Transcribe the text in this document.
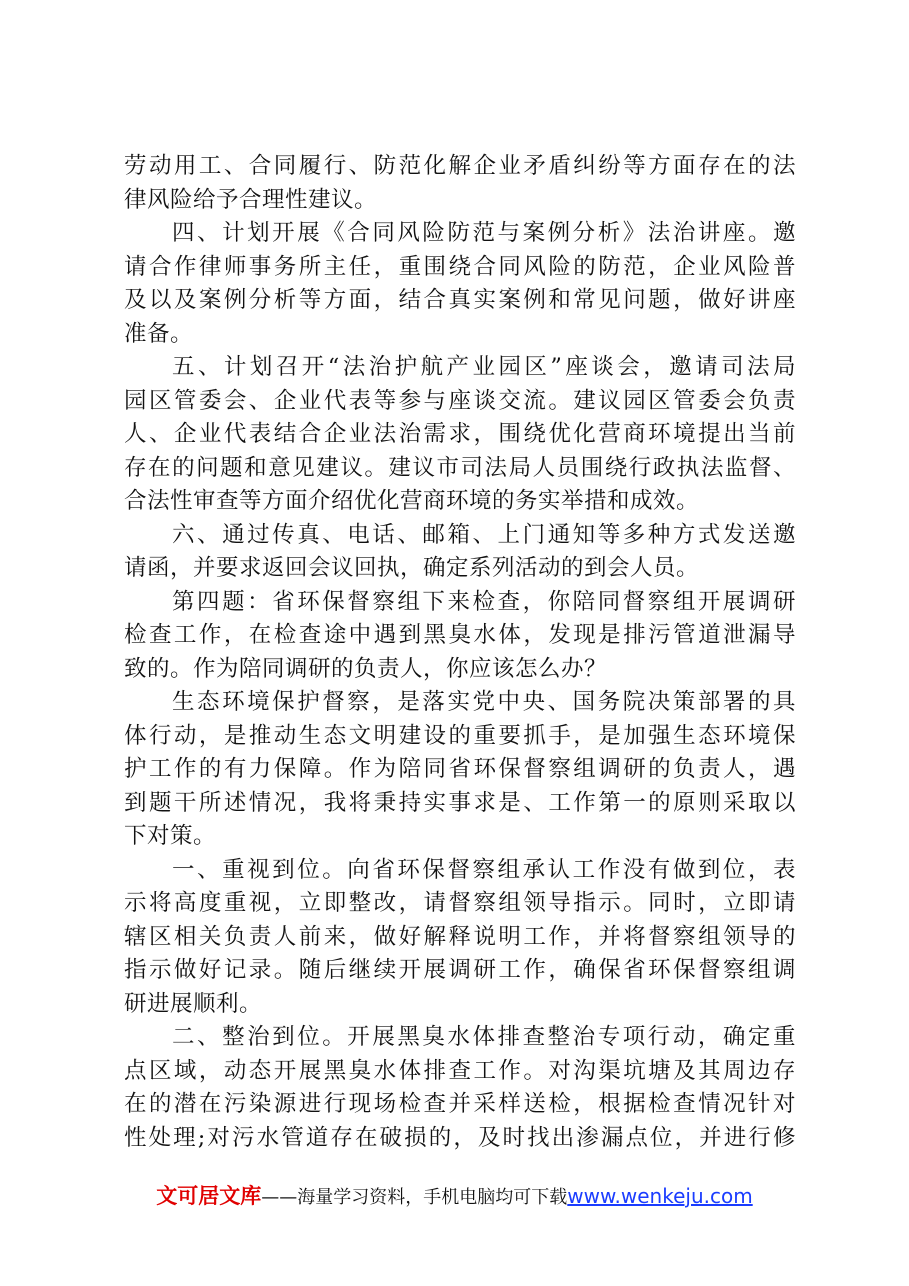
劳动用工、合同履行、防范化解企业矛盾纠纷等方面存在的法
律风险给予合理性建议。
四、计划开展《合同风险防范与案例分析》法治讲座。邀
请合作律师事务所主任，重围绕合同风险的防范，企业风险普
及以及案例分析等方面，结合真实案例和常见问题，做好讲座
准备。
五、计划召开“法治护航产业园区”座谈会，邀请司法局
园区管委会、企业代表等参与座谈交流。建议园区管委会负责
人、企业代表结合企业法治需求，围绕优化营商环境提出当前
存在的问题和意见建议。建议市司法局人员围绕行政执法监督、
合法性审查等方面介绍优化营商环境的务实举措和成效。
六、通过传真、电话、邮箱、上门通知等多种方式发送邀
请函，并要求返回会议回执，确定系列活动的到会人员。
第四题：省环保督察组下来检查，你陪同督察组开展调研
检查工作，在检查途中遇到黑臭水体，发现是排污管道泄漏导
致的。作为陪同调研的负责人，你应该怎么办？
生态环境保护督察，是落实党中央、国务院决策部署的具
体行动，是推动生态文明建设的重要抓手，是加强生态环境保
护工作的有力保障。作为陪同省环保督察组调研的负责人，遇
到题干所述情况，我将秉持实事求是、工作第一的原则采取以
下对策。
一、重视到位。向省环保督察组承认工作没有做到位，表
示将高度重视，立即整改，请督察组领导指示。同时，立即请
辖区相关负责人前来，做好解释说明工作，并将督察组领导的
指示做好记录。随后继续开展调研工作，确保省环保督察组调
研进展顺利。
二、整治到位。开展黑臭水体排查整治专项行动，确定重
点区域，动态开展黑臭水体排查工作。对沟渠坑塘及其周边存
在的潜在污染源进行现场检查并采样送检，根据检查情况针对
性处理;对污水管道存在破损的，及时找出渗漏点位，并进行修
文可居文库——海量学习资料，手机电脑均可下载www.wenkeju.com
